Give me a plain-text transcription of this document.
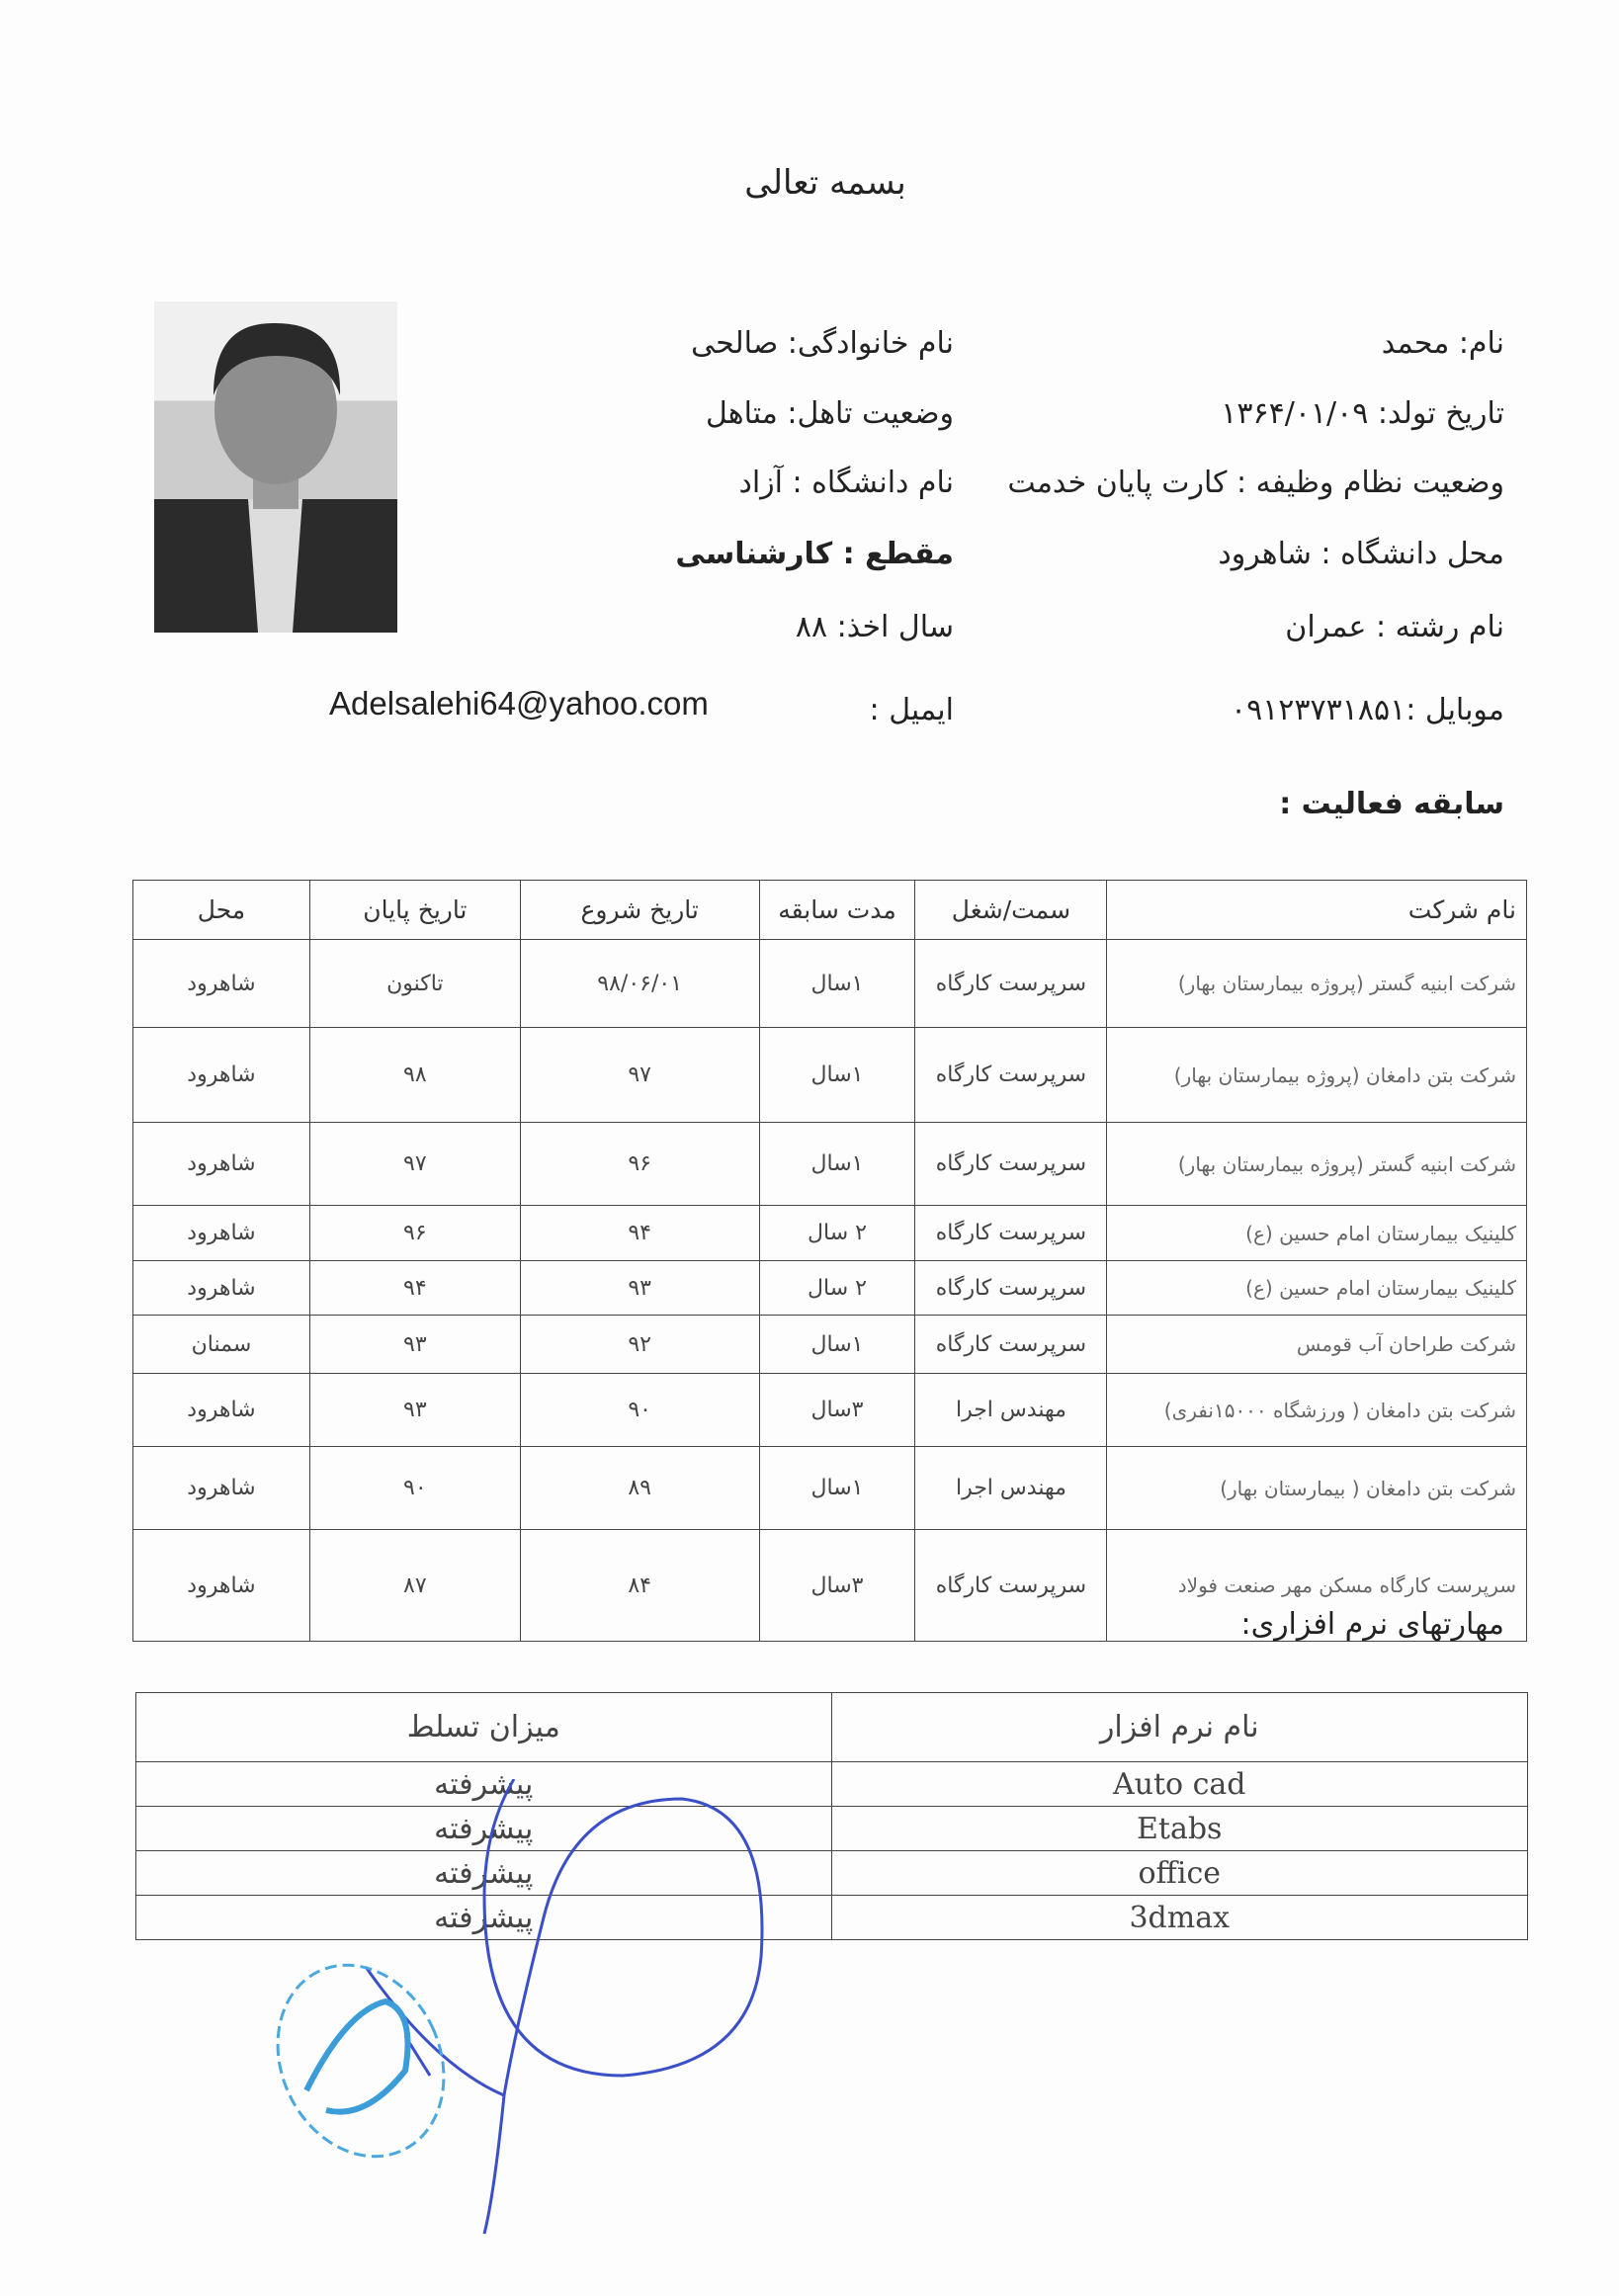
بسمه تعالی
نام: محمد
نام خانوادگی: صالحی
تاریخ تولد: ۱۳۶۴/۰۱/۰۹
وضعیت تاهل: متاهل
وضعیت نظام وظیفه : کارت پایان خدمت
نام دانشگاه : آزاد
محل دانشگاه : شاهرود
مقطع : کارشناسی
نام رشته : عمران
سال اخذ: ۸۸
موبایل :۰۹۱۲۳۷۳۱۸۵۱
ایمیل :
Adelsalehi64@yahoo.com
سابقه فعالیت :
نام شرکت	سمت/شغل	مدت سابقه	تاریخ شروع	تاریخ پایان	محل
شرکت ابنیه گستر (پروژه بیمارستان بهار)	سرپرست کارگاه	۱سال	۹۸/۰۶/۰۱	تاکنون	شاهرود
شرکت بتن دامغان (پروژه بیمارستان بهار)	سرپرست کارگاه	۱سال	۹۷	۹۸	شاهرود
شرکت ابنیه گستر (پروژه بیمارستان بهار)	سرپرست کارگاه	۱سال	۹۶	۹۷	شاهرود
کلینیک بیمارستان امام حسین (ع)	سرپرست کارگاه	۲ سال	۹۴	۹۶	شاهرود
کلینیک بیمارستان امام حسین (ع)	سرپرست کارگاه	۲ سال	۹۳	۹۴	شاهرود
شرکت طراحان آب قومس	سرپرست کارگاه	۱سال	۹۲	۹۳	سمنان
شرکت بتن دامغان ( ورزشگاه ۱۵۰۰۰نفری)	مهندس اجرا	۳سال	۹۰	۹۳	شاهرود
شرکت بتن دامغان ( بیمارستان بهار)	مهندس اجرا	۱سال	۸۹	۹۰	شاهرود
سرپرست کارگاه مسکن مهر صنعت فولاد	سرپرست کارگاه	۳سال	۸۴	۸۷	شاهرود
مهارتهای نرم افزاری:
نام نرم افزار	میزان تسلط
Auto cad	پیشرفته
Etabs	پیشرفته
office	پیشرفته
3dmax	پیشرفته
